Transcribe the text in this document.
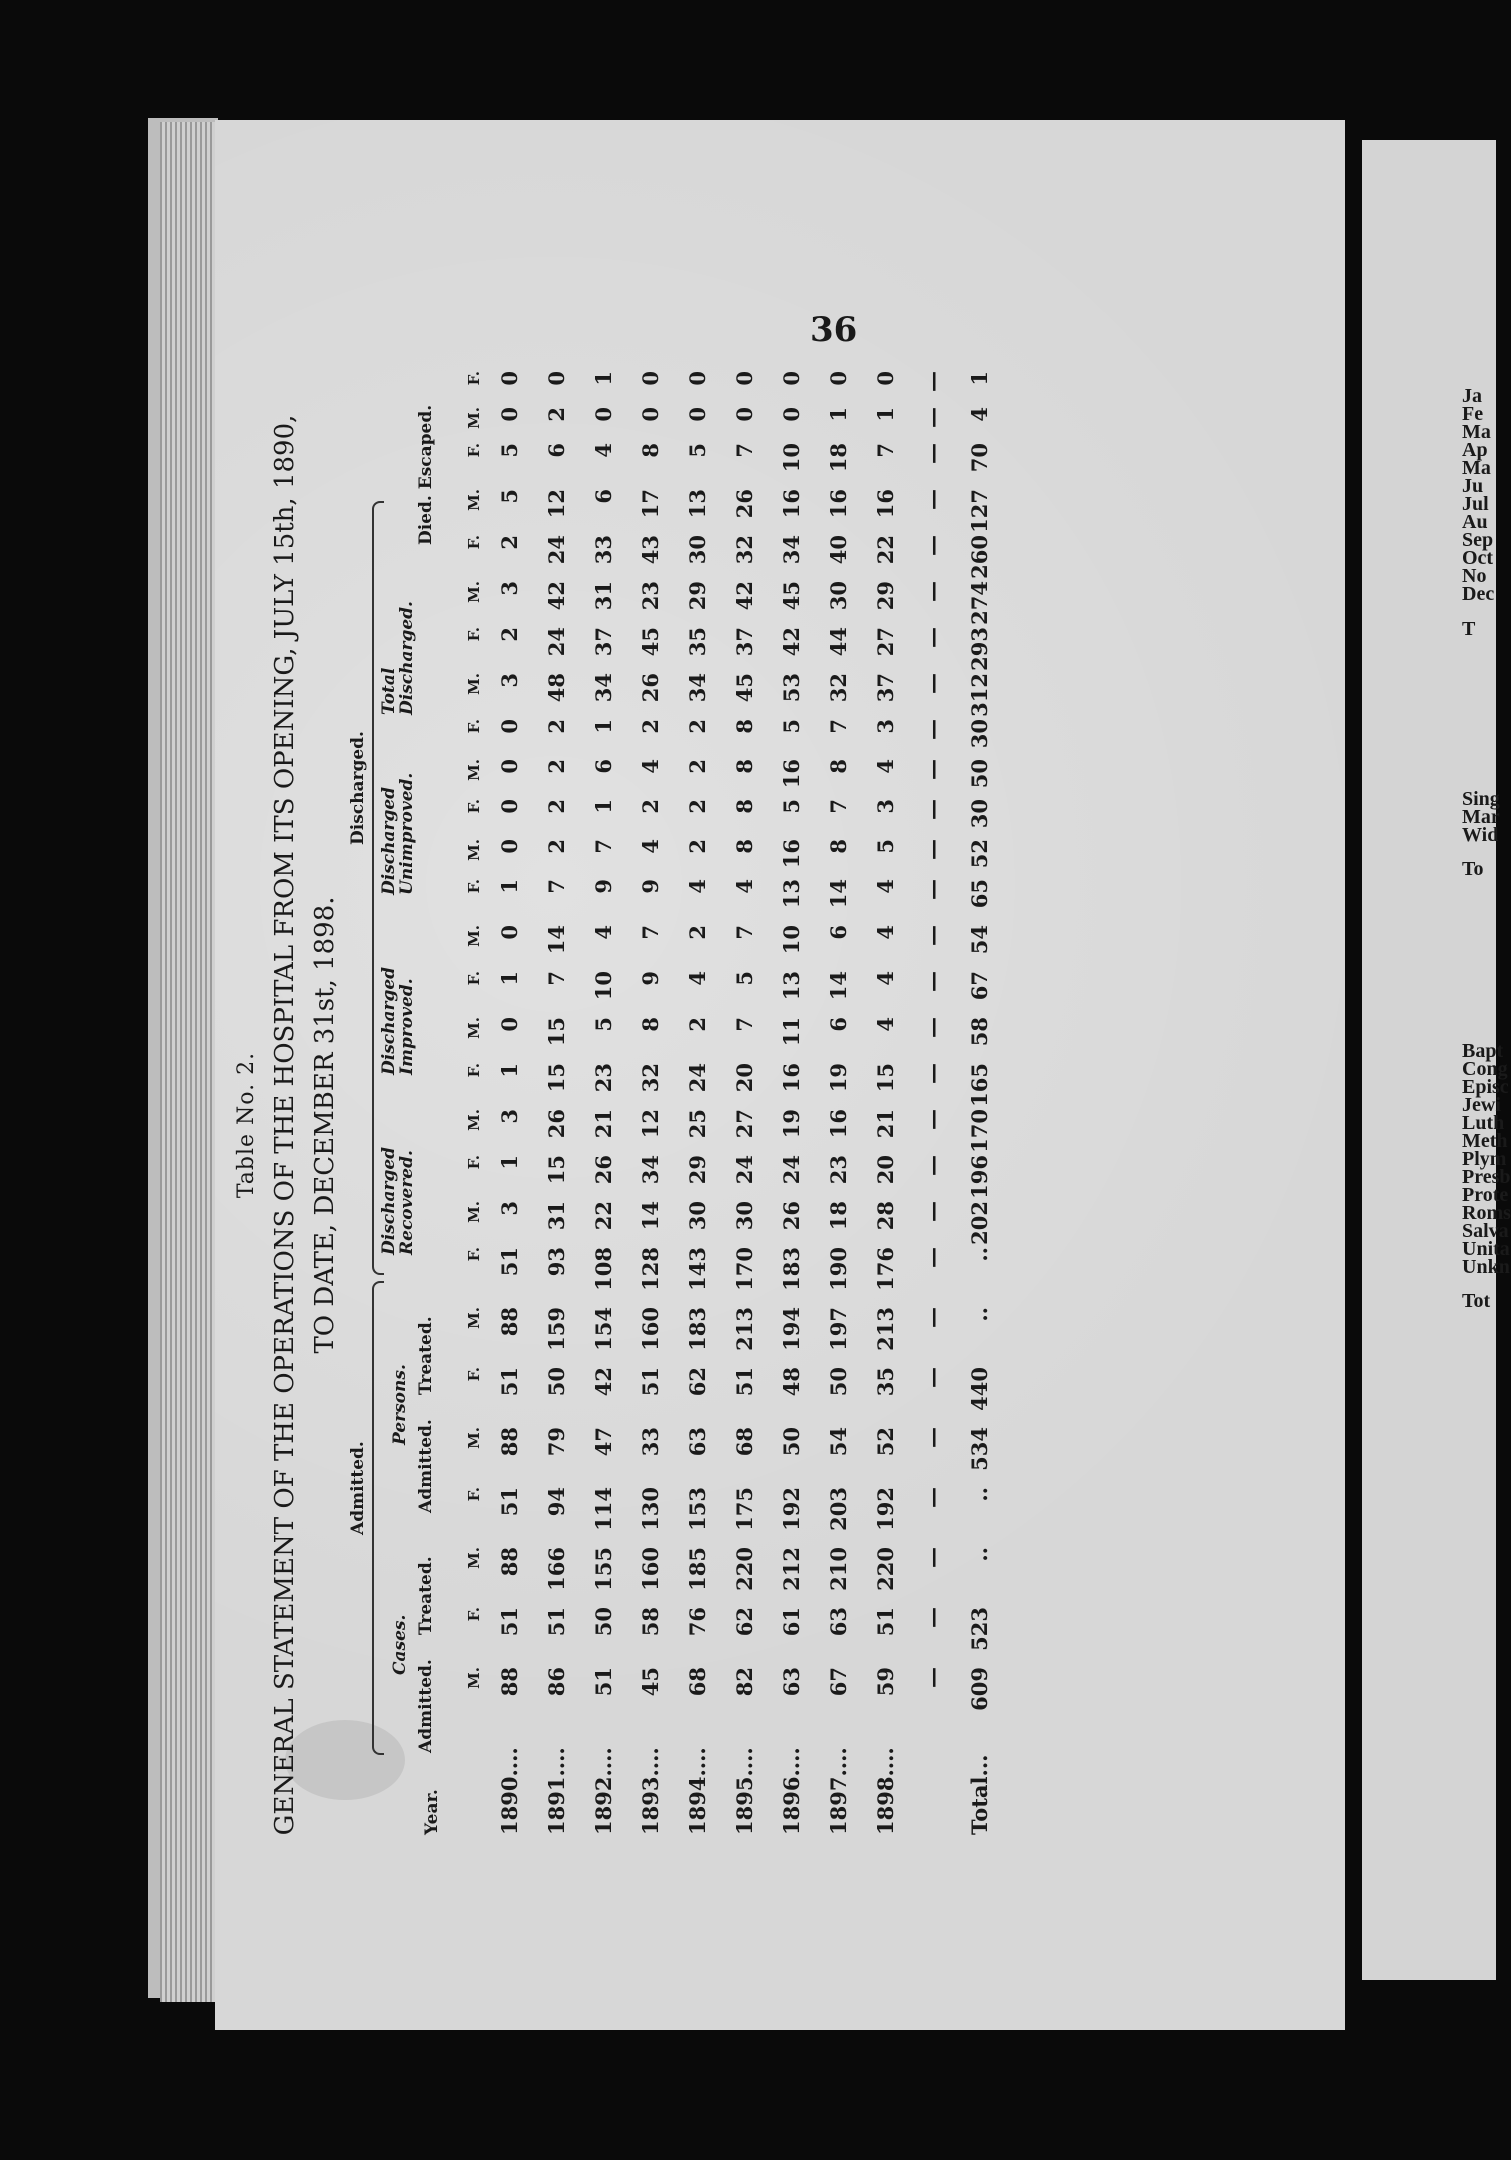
36
Table No. 2. GENERAL STATEMENT OF THE OPERATIONS OF THE HOSPITAL FROM ITS OPENING, JULY 15th, 1890, TO DATE, DECEMBER 31st, 1898.
Admitted.
Discharged.
Cases.
Persons.
Discharged Recovered.
Discharged Improved.
Discharged Unimproved.
Total Discharged.
Year.
Admitted.
Treated.
Admitted.
Treated.
Died. Escaped.
	M.	F.	M.	F.	M.	F.	M.	F.	M.	F.	M.	F.	M.	F.	M.	F.	M.	F.	M.	F.	M.	F.	M.	F.	M.	F.	M.	F.
1890....	88	51	88	51	88	51	88	51	3	1	3	1	0	1	0	1	0	0	0	0	3	2	3	2	5	5	0	0
1891....	86	51	166	94	79	50	159	93	31	15	26	15	15	7	14	7	2	2	2	2	48	24	42	24	12	6	2	0
1892....	51	50	155	114	47	42	154	108	22	26	21	23	5	10	4	9	7	1	6	1	34	37	31	33	6	4	0	1
1893....	45	58	160	130	33	51	160	128	14	34	12	32	8	9	7	9	4	2	4	2	26	45	23	43	17	8	0	0
1894....	68	76	185	153	63	62	183	143	30	29	25	24	2	4	2	4	2	2	2	2	34	35	29	30	13	5	0	0
1895....	82	62	220	175	68	51	213	170	30	24	27	20	7	5	7	4	8	8	8	8	45	37	42	32	26	7	0	0
1896....	63	61	212	192	50	48	194	183	26	24	19	16	11	13	10	13	16	5	16	5	53	42	45	34	16	10	0	0
1897....	67	63	210	203	54	50	197	190	18	23	16	19	6	14	6	14	8	7	8	7	32	44	30	40	16	18	1	0
1898....	59	51	220	192	52	35	213	176	28	20	21	15	4	4	4	4	5	3	4	3	37	27	29	22	16	7	1	0
	—	—	—	—	—	—	—	—	—	—	—	—	—	—	—	—	—	—	—	—	—	—	—	—	—	—	—	—
Total...	609	523	..	..	534	440	..	..	202	196	170	165	58	67	54	65	52	30	50	30	312	293	274	260	127	70	4	1
Ja
Fe
Ma
Ap
Ma
Ju
Jul
Au
Sep
Oct
No
Dec
T
Sing
Mar
Wid
To
Bapt
Cong
Episc
Jewi
Luth
Meth
Plym
Presb
Prote
Roms
Salva
Unita
Unkn
Tot
